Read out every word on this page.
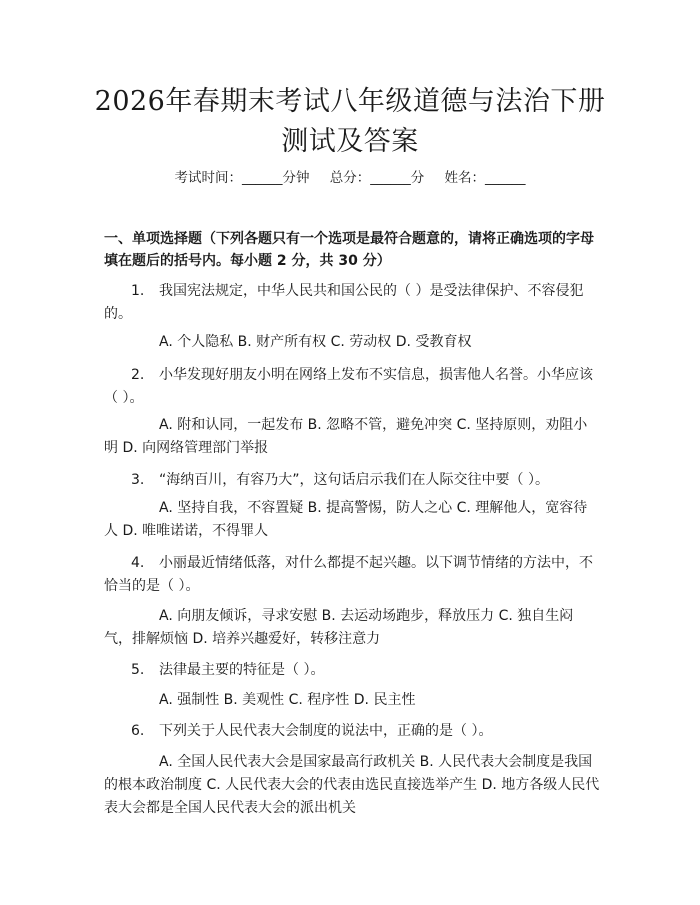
2026年春期末考试八年级道德与法治下册测试及答案
考试时间：______分钟 总分：______分 姓名：______
一、单项选择题（下列各题只有一个选项是最符合题意的，请将正确选项的字母填在题后的括号内。每小题 2 分，共 30 分）
1. 我国宪法规定，中华人民共和国公民的（ ）是受法律保护、不容侵犯的。
A. 个人隐私 B. 财产所有权 C. 劳动权 D. 受教育权
2. 小华发现好朋友小明在网络上发布不实信息，损害他人名誉。小华应该（ ）。
A. 附和认同，一起发布 B. 忽略不管，避免冲突 C. 坚持原则，劝阻小明 D. 向网络管理部门举报
3. “海纳百川，有容乃大”，这句话启示我们在人际交往中要（ ）。
A. 坚持自我，不容置疑 B. 提高警惕，防人之心 C. 理解他人，宽容待人 D. 唯唯诺诺，不得罪人
4. 小丽最近情绪低落，对什么都提不起兴趣。以下调节情绪的方法中，不恰当的是（ ）。
A. 向朋友倾诉，寻求安慰 B. 去运动场跑步，释放压力 C. 独自生闷气，排解烦恼 D. 培养兴趣爱好，转移注意力
5. 法律最主要的特征是（ ）。
A. 强制性 B. 美观性 C. 程序性 D. 民主性
6. 下列关于人民代表大会制度的说法中，正确的是（ ）。
A. 全国人民代表大会是国家最高行政机关 B. 人民代表大会制度是我国的根本政治制度 C. 人民代表大会的代表由选民直接选举产生 D. 地方各级人民代表大会都是全国人民代表大会的派出机关
